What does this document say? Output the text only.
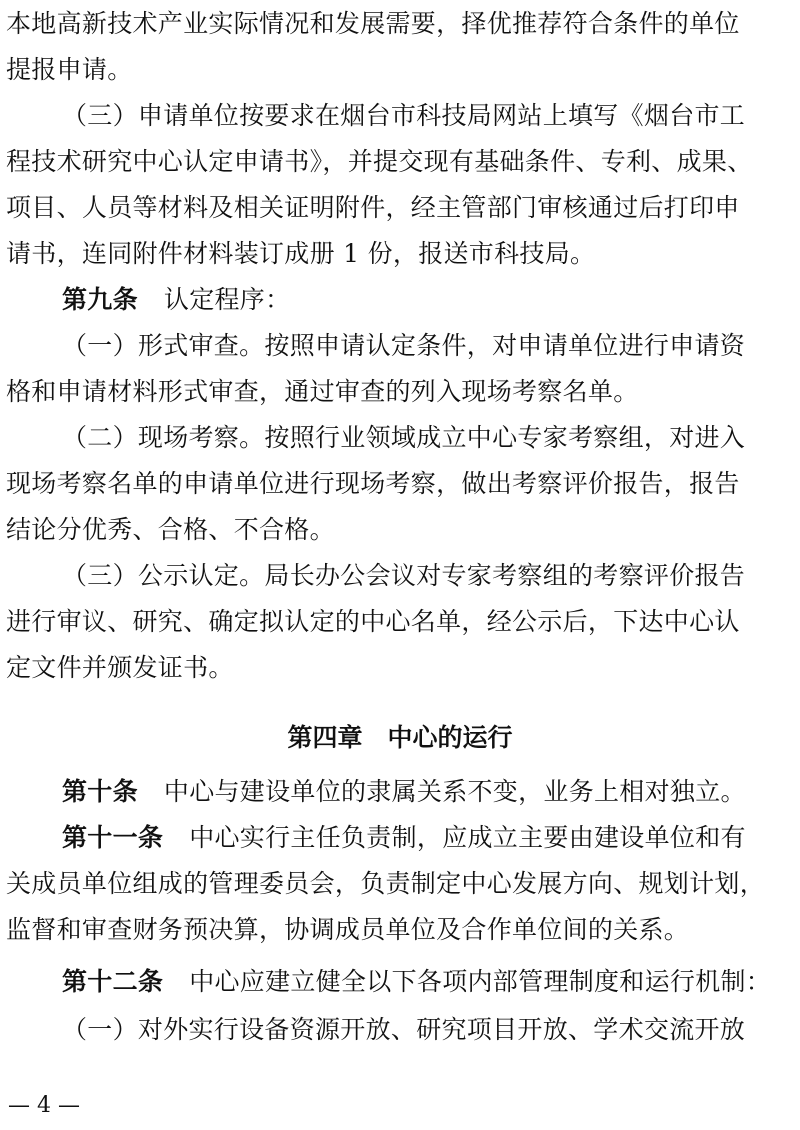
本地高新技术产业实际情况和发展需要，择优推荐符合条件的单位
提报申请。
（三）申请单位按要求在烟台市科技局网站上填写《烟台市工
程技术研究中心认定申请书》，并提交现有基础条件、专利、成果、
项目、人员等材料及相关证明附件，经主管部门审核通过后打印申
请书，连同附件材料装订成册 1 份，报送市科技局。
第九条 认定程序：
（一）形式审查。按照申请认定条件，对申请单位进行申请资
格和申请材料形式审查，通过审查的列入现场考察名单。
（二）现场考察。按照行业领域成立中心专家考察组，对进入
现场考察名单的申请单位进行现场考察，做出考察评价报告，报告
结论分优秀、合格、不合格。
（三）公示认定。局长办公会议对专家考察组的考察评价报告
进行审议、研究、确定拟认定的中心名单，经公示后，下达中心认
定文件并颁发证书。
第四章　中心的运行
第十条 中心与建设单位的隶属关系不变，业务上相对独立。
第十一条 中心实行主任负责制，应成立主要由建设单位和有
关成员单位组成的管理委员会，负责制定中心发展方向、规划计划，
监督和审查财务预决算，协调成员单位及合作单位间的关系。
第十二条 中心应建立健全以下各项内部管理制度和运行机制：
（一）对外实行设备资源开放、研究项目开放、学术交流开放
— 4 —
